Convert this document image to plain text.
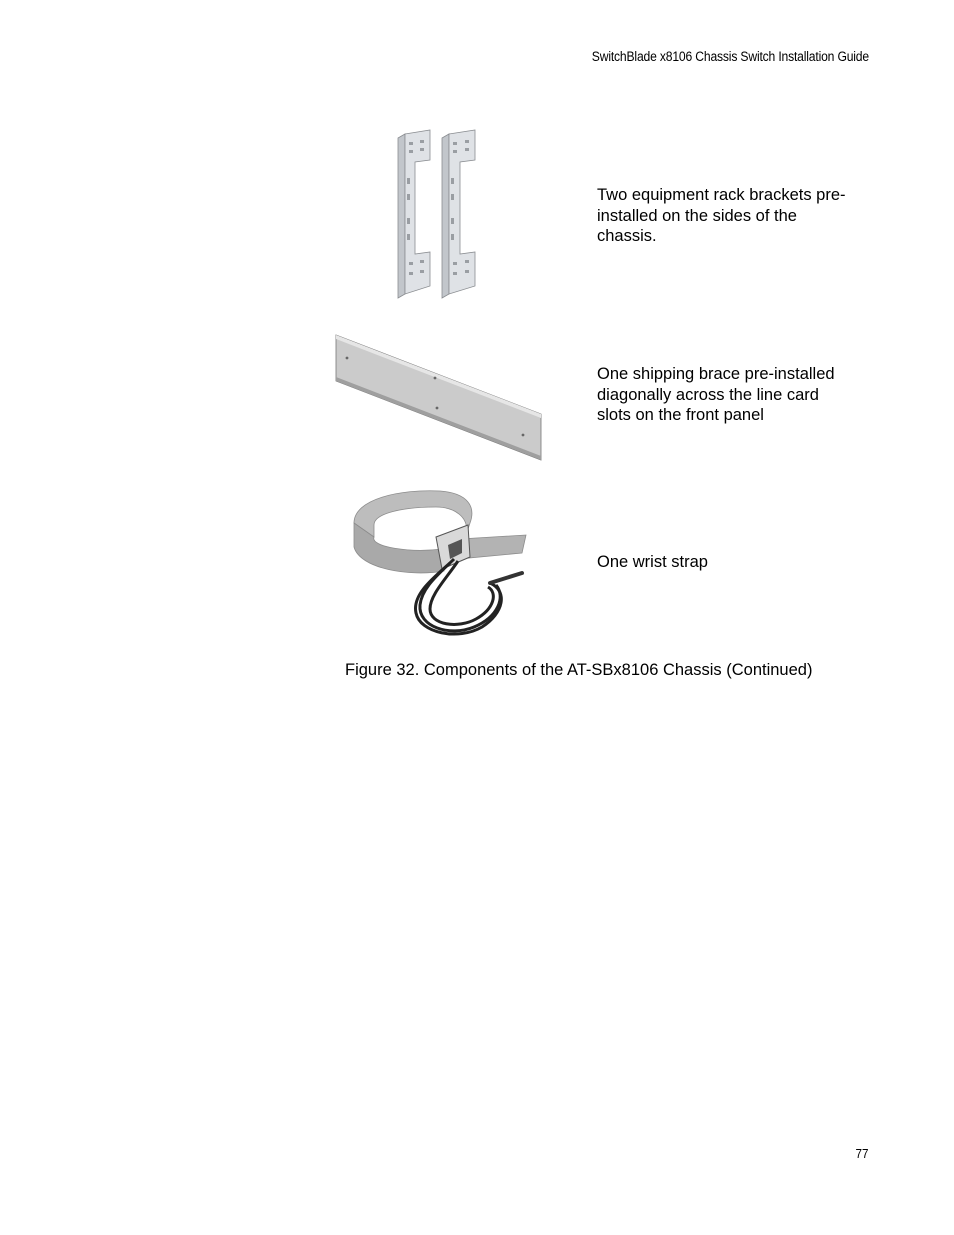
SwitchBlade x8106 Chassis Switch Installation Guide
Two equipment rack brackets pre-installed on the sides of the chassis.
One shipping brace pre-installed diagonally across the line card slots on the front panel
One wrist strap
Figure 32. Components of the AT-SBx8106 Chassis (Continued)
77
